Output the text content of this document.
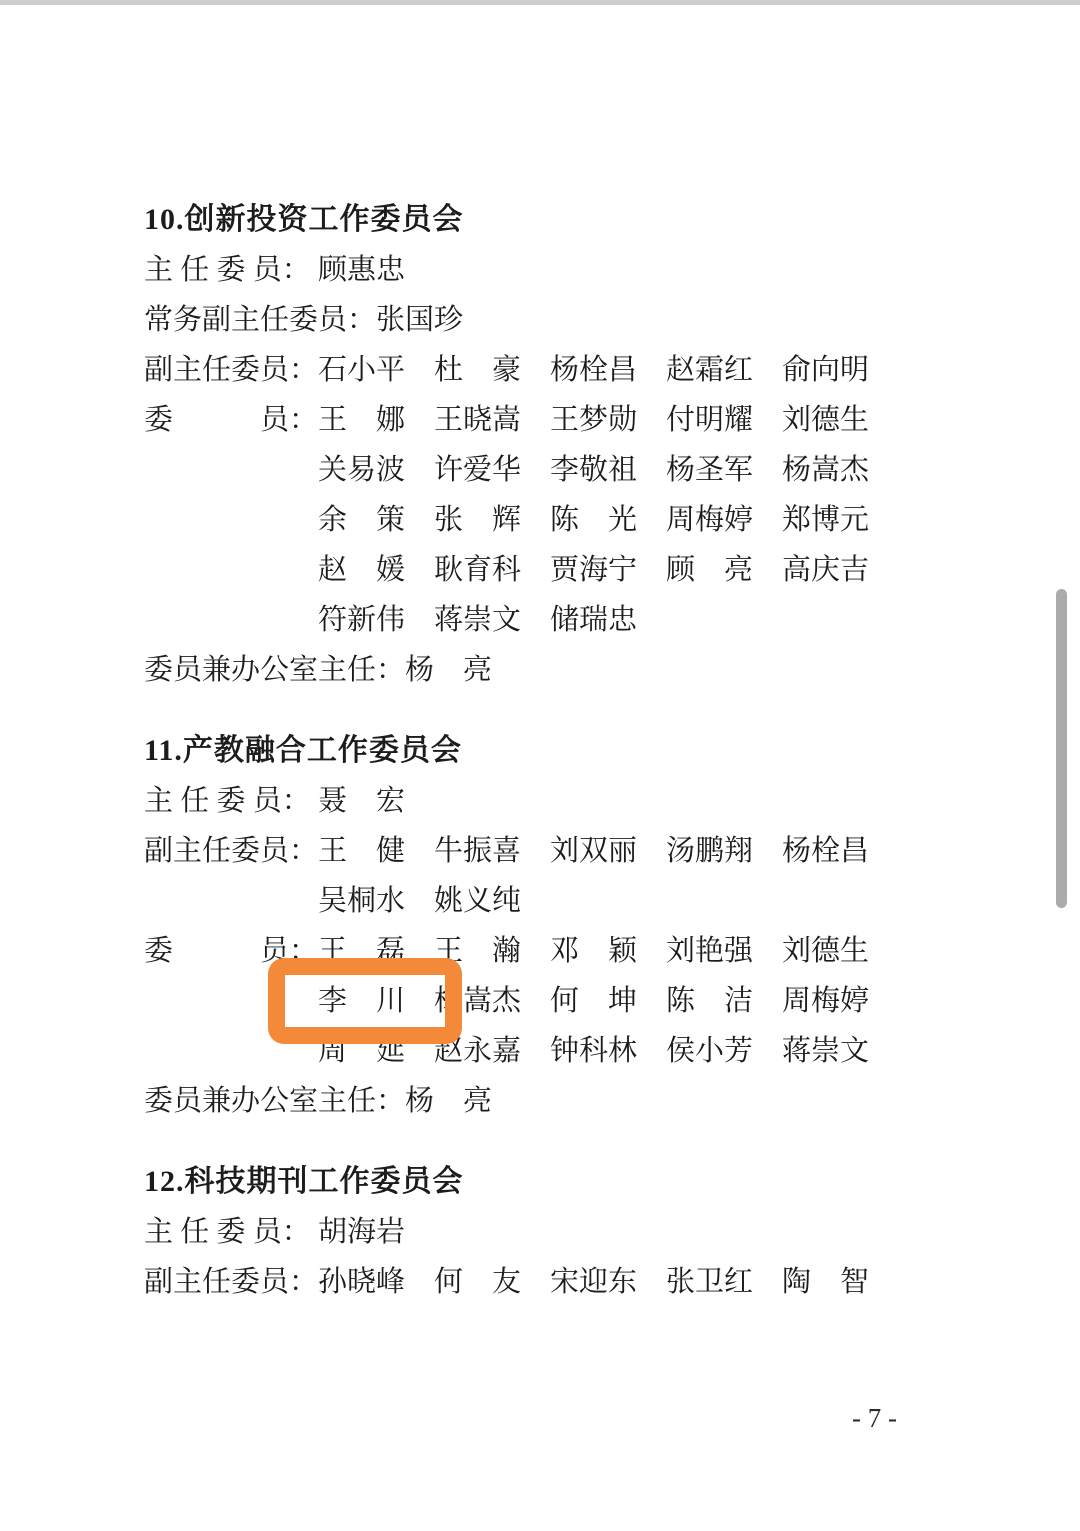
10.创新投资工作委员会
主 任 委 员： 顾惠忠
常务副主任委员：张国珍
副主任委员：石小平　杜　豪　杨栓昌　赵霜红　俞向明
委　　　员：王　娜　王晓嵩　王梦勋　付明耀　刘德生
关易波　许爱华　李敬祖　杨圣军　杨嵩杰
余　策　张　辉　陈　光　周梅婷　郑博元
赵　媛　耿育科　贾海宁　顾　亮　高庆吉
符新伟　蒋崇文　储瑞忠
委员兼办公室主任：杨　亮
11.产教融合工作委员会
主 任 委 员： 聂　宏
副主任委员：王　健　牛振喜　刘双丽　汤鹏翔　杨栓昌
吴桐水　姚义纯
委　　　员：王　磊　王　瀚　邓　颖　刘艳强　刘德生
李　川　杨嵩杰　何　坤　陈　洁　周梅婷
周　延　赵永嘉　钟科林　侯小芳　蒋崇文
委员兼办公室主任：杨　亮
12.科技期刊工作委员会
主 任 委 员： 胡海岩
副主任委员：孙晓峰　何　友　宋迎东　张卫红　陶　智
- 7 -
